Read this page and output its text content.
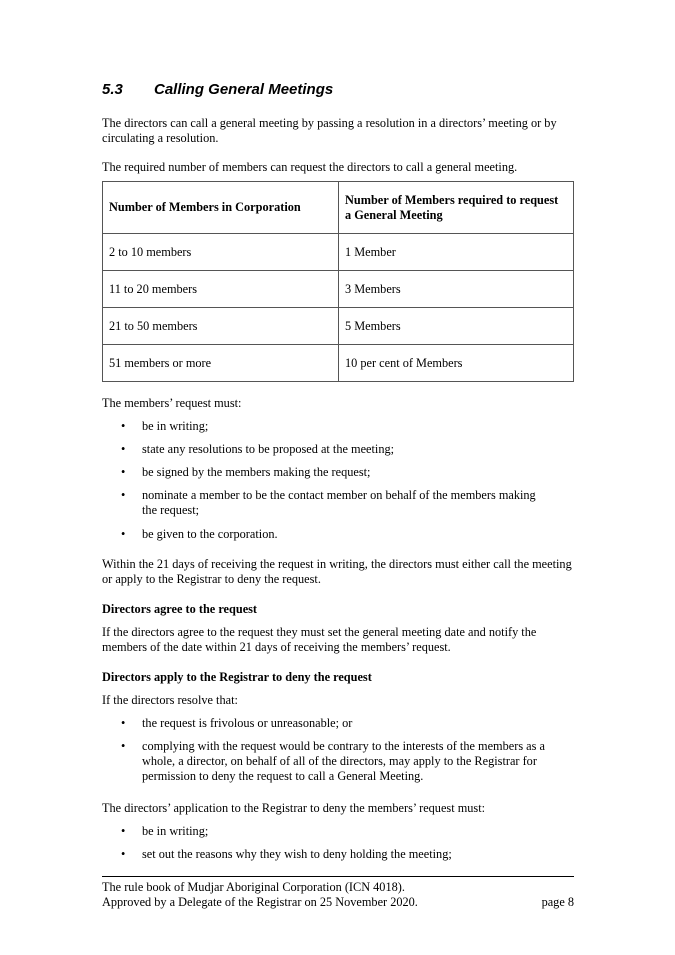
5.3 Calling General Meetings

The directors can call a general meeting by passing a resolution in a directors’ meeting or by circulating a resolution.

The required number of members can request the directors to call a general meeting.

Number of Members in Corporation	Number of Members required to request a General Meeting
2 to 10 members	1 Member
11 to 20 members	3 Members
21 to 50 members	5 Members
51 members or more	10 per cent of Members

The members’ request must:

• be in writing;
• state any resolutions to be proposed at the meeting;
• be signed by the members making the request;
• nominate a member to be the contact member on behalf of the members making the request;
• be given to the corporation.

Within the 21 days of receiving the request in writing, the directors must either call the meeting or apply to the Registrar to deny the request.

Directors agree to the request

If the directors agree to the request they must set the general meeting date and notify the members of the date within 21 days of receiving the members’ request.

Directors apply to the Registrar to deny the request

If the directors resolve that:

• the request is frivolous or unreasonable; or
• complying with the request would be contrary to the interests of the members as a whole, a director, on behalf of all of the directors, may apply to the Registrar for permission to deny the request to call a General Meeting.

The directors’ application to the Registrar to deny the members’ request must:

• be in writing;
• set out the reasons why they wish to deny holding the meeting;
The rule book of Mudjar Aboriginal Corporation (ICN 4018).
Approved by a Delegate of the Registrar on 25 November 2020.	page 8
